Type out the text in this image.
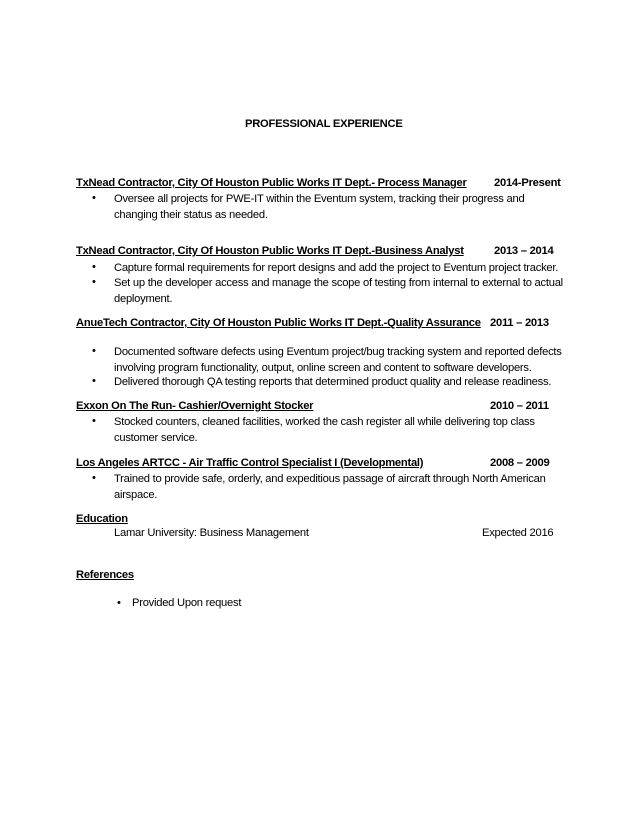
PROFESSIONAL EXPERIENCE
TxNead Contractor, City Of Houston Public Works IT Dept.- Process Manager 2014-Present
•	Oversee all projects for PWE-IT within the Eventum system, tracking their progress and changing their status as needed.
TxNead Contractor, City Of Houston Public Works IT Dept.-Business Analyst	2013 – 2014
•	Capture formal requirements for report designs and add the project to Eventum project tracker.
•	Set up the developer access and manage the scope of testing from internal to external to actual deployment.
AnueTech Contractor, City Of Houston Public Works IT Dept.-Quality Assurance 2011 – 2013
•	Documented software defects using Eventum project/bug tracking system and reported defects involving program functionality, output, online screen and content to software developers.
•	Delivered thorough QA testing reports that determined product quality and release readiness.
Exxon On The Run- Cashier/Overnight Stocker	2010 – 2011
•	Stocked counters, cleaned facilities, worked the cash register all while delivering top class customer service.
Los Angeles ARTCC - Air Traffic Control Specialist I (Developmental)	2008 – 2009
•	Trained to provide safe, orderly, and expeditious passage of aircraft through North American airspace.
Education
Lamar University: Business Management	Expected 2016
References
• Provided Upon request
